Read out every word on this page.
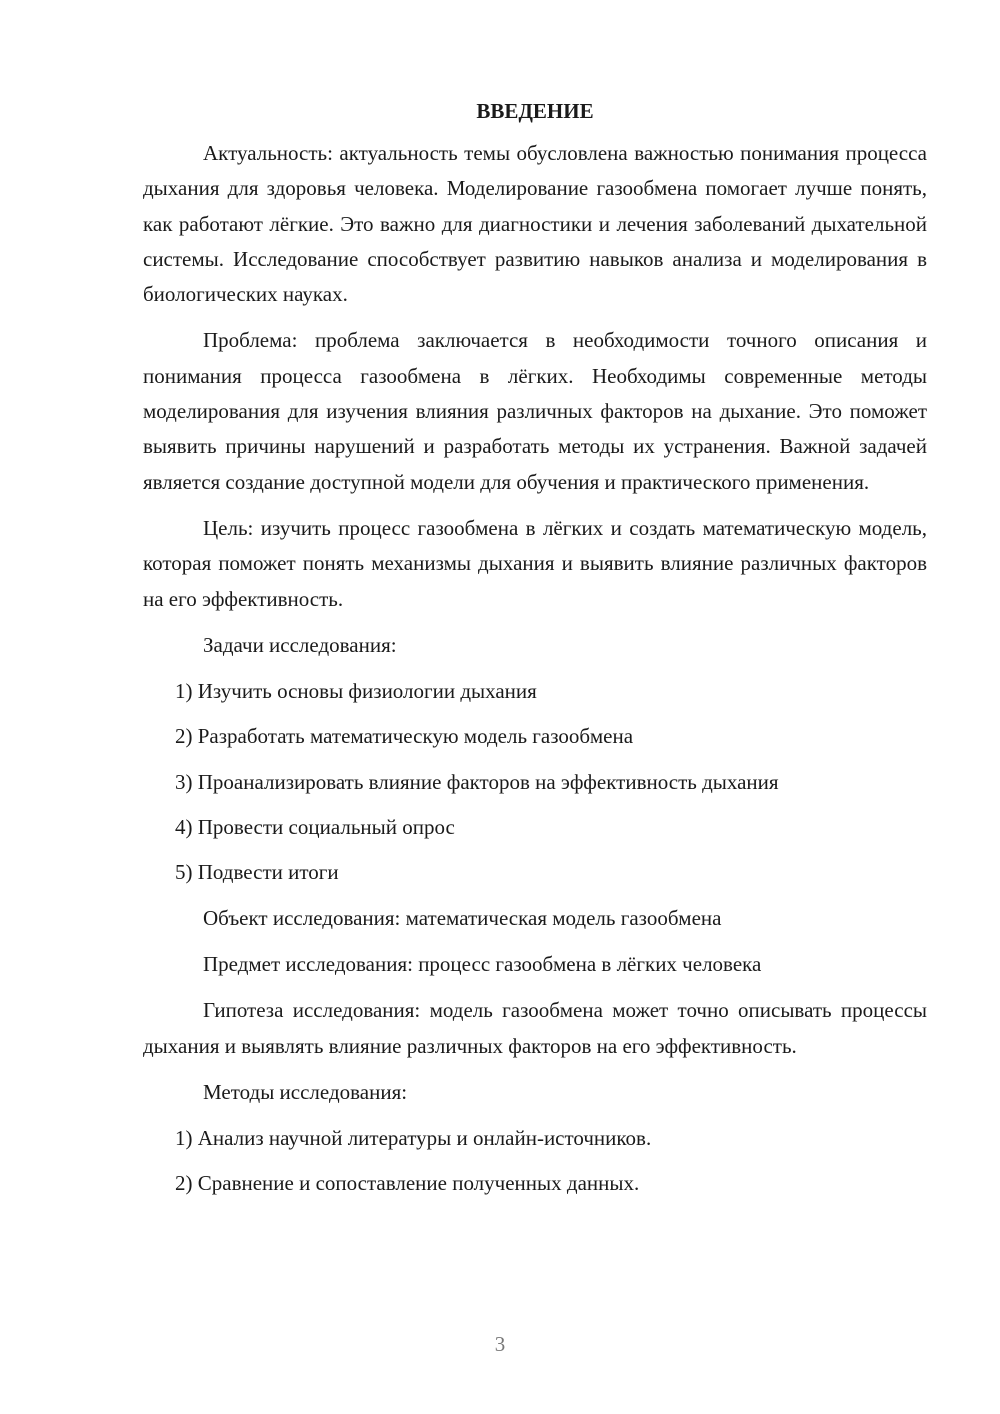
ВВЕДЕНИЕ

Актуальность: актуальность темы обусловлена важностью понимания процесса дыхания для здоровья человека. Моделирование газообмена помогает лучше понять, как работают лёгкие. Это важно для диагностики и лечения заболеваний дыхательной системы. Исследование способствует развитию навыков анализа и моделирования в биологических науках.

Проблема: проблема заключается в необходимости точного описания и понимания процесса газообмена в лёгких. Необходимы современные методы моделирования для изучения влияния различных факторов на дыхание. Это поможет выявить причины нарушений и разработать методы их устранения. Важной задачей является создание доступной модели для обучения и практического применения.

Цель: изучить процесс газообмена в лёгких и создать математическую модель, которая поможет понять механизмы дыхания и выявить влияние различных факторов на его эффективность.

Задачи исследования:

1) Изучить основы физиологии дыхания

2) Разработать математическую модель газообмена

3) Проанализировать влияние факторов на эффективность дыхания

4) Провести социальный опрос

5) Подвести итоги

Объект исследования: математическая модель газообмена

Предмет исследования: процесс газообмена в лёгких человека

Гипотеза исследования: модель газообмена может точно описывать процессы дыхания и выявлять влияние различных факторов на его эффективность.

Методы исследования:

1) Анализ научной литературы и онлайн-источников.

2) Сравнение и сопоставление полученных данных.

3
